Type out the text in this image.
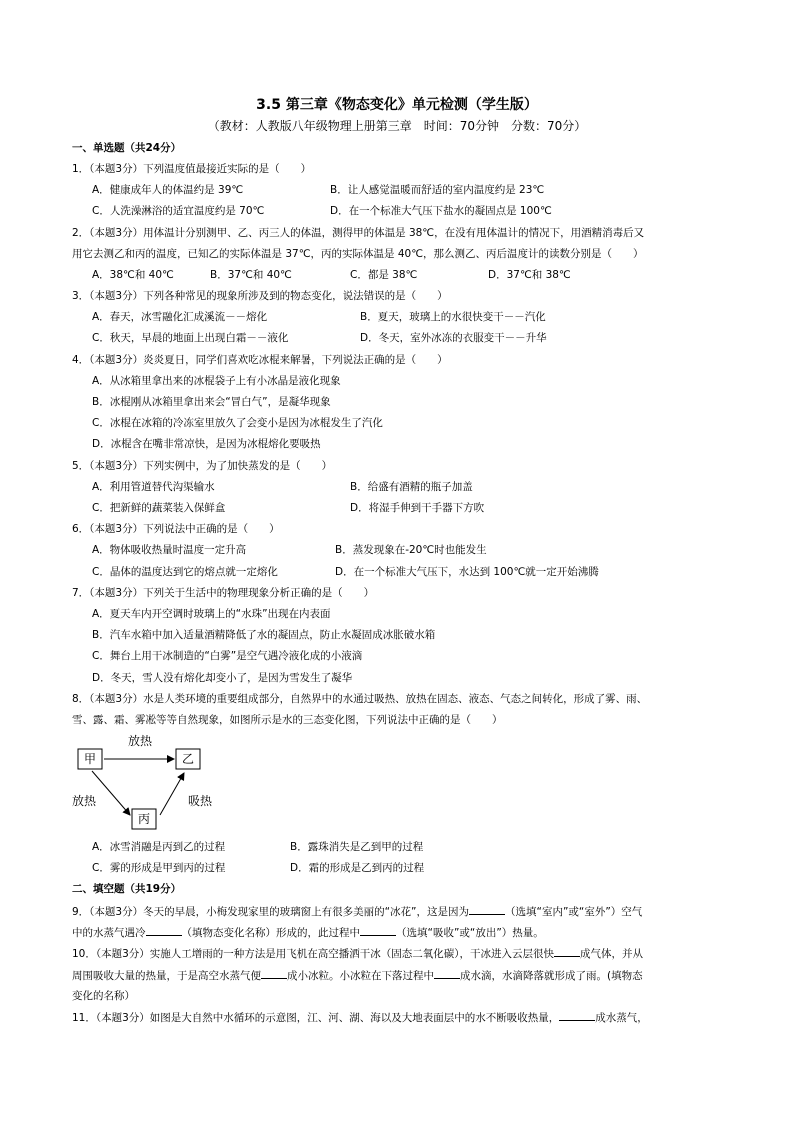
3.5 第三章《物态变化》单元检测（学生版）
（教材：人教版八年级物理上册第三章　时间：70分钟　分数：70分）
一、单选题（共24分）
1．（本题3分）下列温度值最接近实际的是（　　）
A．健康成年人的体温约是 39℃	B．让人感觉温暖而舒适的室内温度约是 23℃
C．人洗澡淋浴的适宜温度约是 70℃	D．在一个标准大气压下盐水的凝固点是 100℃
2．（本题3分）用体温计分别测甲、乙、丙三人的体温，测得甲的体温是 38℃，在没有甩体温计的情况下，用酒精消毒后又
用它去测乙和丙的温度，已知乙的实际体温是 37℃，丙的实际体温是 40℃，那么测乙、丙后温度计的读数分别是（　　）
A．38℃和 40℃	B．37℃和 40℃	C．都是 38℃	D．37℃和 38℃
3．（本题3分）下列各种常见的现象所涉及到的物态变化，说法错误的是（　　）
A．春天，冰雪融化汇成溪流－－熔化	B．夏天，玻璃上的水很快变干－－汽化
C．秋天，早晨的地面上出现白霜－－液化	D．冬天，室外冰冻的衣服变干－－升华
4．（本题3分）炎炎夏日，同学们喜欢吃冰棍来解暑，下列说法正确的是（　　）
A．从冰箱里拿出来的冰棍袋子上有小冰晶是液化现象
B．冰棍刚从冰箱里拿出来会“冒白气”，是凝华现象
C．冰棍在冰箱的冷冻室里放久了会变小是因为冰棍发生了汽化
D．冰棍含在嘴非常凉快，是因为冰棍熔化要吸热
5．（本题3分）下列实例中，为了加快蒸发的是（　　）
A．利用管道替代沟渠输水	B．给盛有酒精的瓶子加盖
C．把新鲜的蔬菜装入保鲜盒	D．将湿手伸到干手器下方吹
6．（本题3分）下列说法中正确的是（　　）
A．物体吸收热量时温度一定升高	B．蒸发现象在-20℃时也能发生
C．晶体的温度达到它的熔点就一定熔化	D．在一个标准大气压下，水达到 100℃就一定开始沸腾
7．（本题3分）下列关于生活中的物理现象分析正确的是（　　）
A．夏天车内开空调时玻璃上的“水珠”出现在内表面
B．汽车水箱中加入适量酒精降低了水的凝固点，防止水凝固成冰胀破水箱
C．舞台上用干冰制造的“白雾”是空气遇冷液化成的小液滴
D．冬天，雪人没有熔化却变小了，是因为雪发生了凝华
8．（本题3分）水是人类环境的重要组成部分，自然界中的水通过吸热、放热在固态、液态、气态之间转化，形成了雾、雨、
雪、露、霜、雾凇等等自然现象，如图所示是水的三态变化图，下列说法中正确的是（　　）
甲	乙
丙
放热
放热	吸热
A．冰雪消融是丙到乙的过程	B．露珠消失是乙到甲的过程
C．雾的形成是甲到丙的过程	D．霜的形成是乙到丙的过程
二、填空题（共19分）
9．（本题3分）冬天的早晨，小梅发现家里的玻璃窗上有很多美丽的“冰花”，这是因为	（选填“室内”或“室外”）空气
中的水蒸气遇冷	（填物态变化名称）形成的，此过程中	（选填“吸收”或“放出”）热量。
10．（本题3分）实施人工增雨的一种方法是用飞机在高空播洒干冰（固态二氧化碳），干冰进入云层很快 成气体，并从
周围吸收大量的热量，于是高空水蒸气便 成小冰粒。小冰粒在下落过程中 成水滴，水滴降落就形成了雨。(填物态
变化的名称）
11．（本题3分）如图是大自然中水循环的示意图，江、河、湖、海以及大地表面层中的水不断吸收热量，	成水蒸气，
